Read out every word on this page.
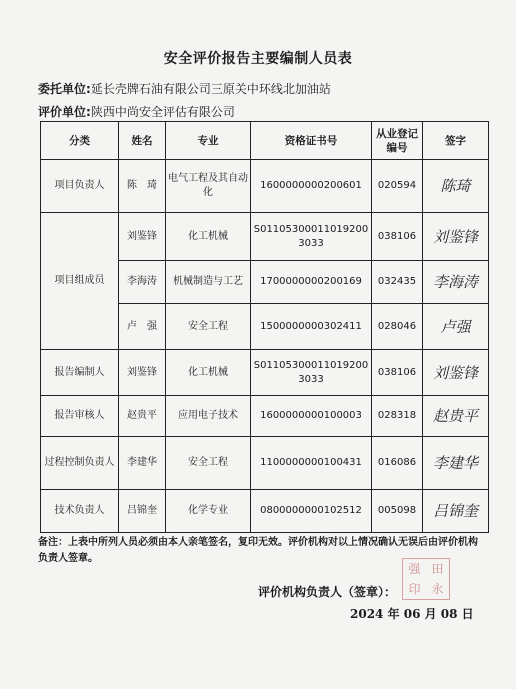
安全评价报告主要编制人员表
委托单位:延长壳牌石油有限公司三原关中环线北加油站
评价单位:陕西中尚安全评估有限公司
分类	姓名	专业	资格证书号	从业登记编号	签字
项目负责人	陈　琦	电气工程及其自动化	1600000000200601	020594	陈琦
项目组成员	刘鉴锋	化工机械	S011053000110192003033	038106	刘鉴锋
	李海涛	机械制造与工艺	1700000000200169	032435	李海涛
	卢　强	安全工程	1500000000302411	028046	卢强
报告编制人	刘鉴锋	化工机械	S011053000110192003033	038106	刘鉴锋
报告审核人	赵贵平	应用电子技术	1600000000100003	028318	赵贵平
过程控制负责人	李建华	安全工程	1100000000100431	016086	李建华
技术负责人	吕锦奎	化学专业	0800000000102512	005098	吕锦奎
备注：上表中所列人员必须由本人亲笔签名，复印无效。评价机构对以上情况确认无误后由评价机构负责人签章。
评价机构负责人（签章）：
强 田
印 永
2024 年 06 月 08 日
